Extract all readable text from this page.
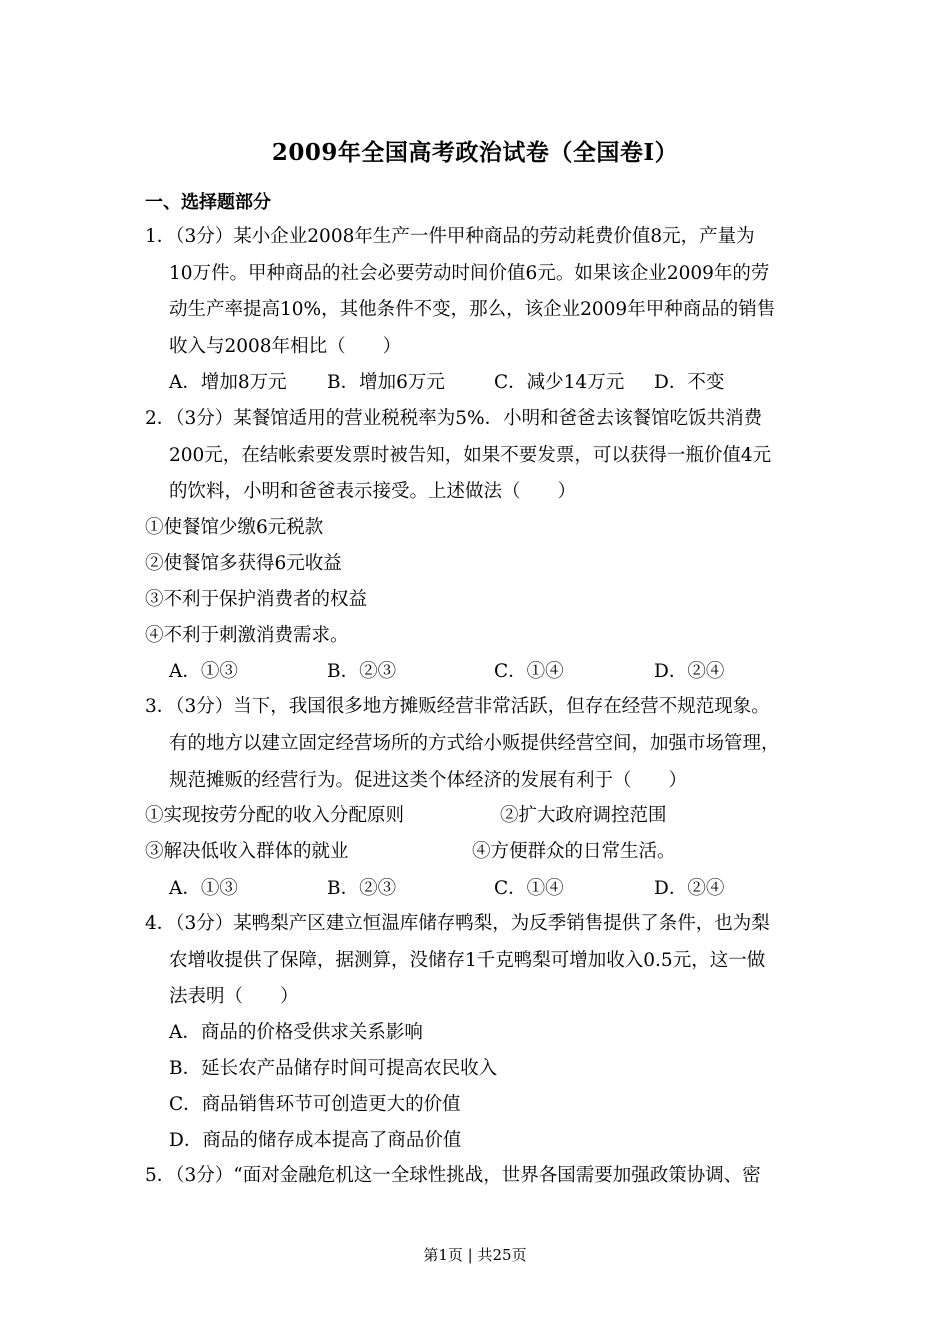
2009年全国高考政治试卷（全国卷Ⅰ）
一、选择题部分
1．（3分）某小企业2008年生产一件甲种商品的劳动耗费价值8元，产量为
10万件。甲种商品的社会必要劳动时间价值6元。如果该企业2009年的劳
动生产率提高10%，其他条件不变，那么，该企业2009年甲种商品的销售
收入与2008年相比（　　）
A．增加8万元 B．增加6万元	C．减少14万元 D．不变
2．（3分）某餐馆适用的营业税税率为5%．小明和爸爸去该餐馆吃饭共消费
200元，在结帐索要发票时被告知，如果不要发票，可以获得一瓶价值4元
的饮料，小明和爸爸表示接受。上述做法（　　）
①使餐馆少缴6元税款
②使餐馆多获得6元收益
③不利于保护消费者的权益
④不利于刺激消费需求。
A．①③	B．②③	C．①④	D．②④
3．（3分）当下，我国很多地方摊贩经营非常活跃，但存在经营不规范现象。
有的地方以建立固定经营场所的方式给小贩提供经营空间，加强市场管理，
规范摊贩的经营行为。促进这类个体经济的发展有利于（　　）
①实现按劳分配的收入分配原则	②扩大政府调控范围
③解决低收入群体的就业	④方便群众的日常生活。
A．①③	B．②③	C．①④	D．②④
4．（3分）某鸭梨产区建立恒温库储存鸭梨，为反季销售提供了条件，也为梨
农增收提供了保障，据测算，没储存1千克鸭梨可增加收入0.5元，这一做
法表明（　　）
A．商品的价格受供求关系影响
B．延长农产品储存时间可提高农民收入
C．商品销售环节可创造更大的价值
D．商品的储存成本提高了商品价值
5．（3分）“面对金融危机这一全球性挑战，世界各国需要加强政策协调、密
第1页 | 共25页
